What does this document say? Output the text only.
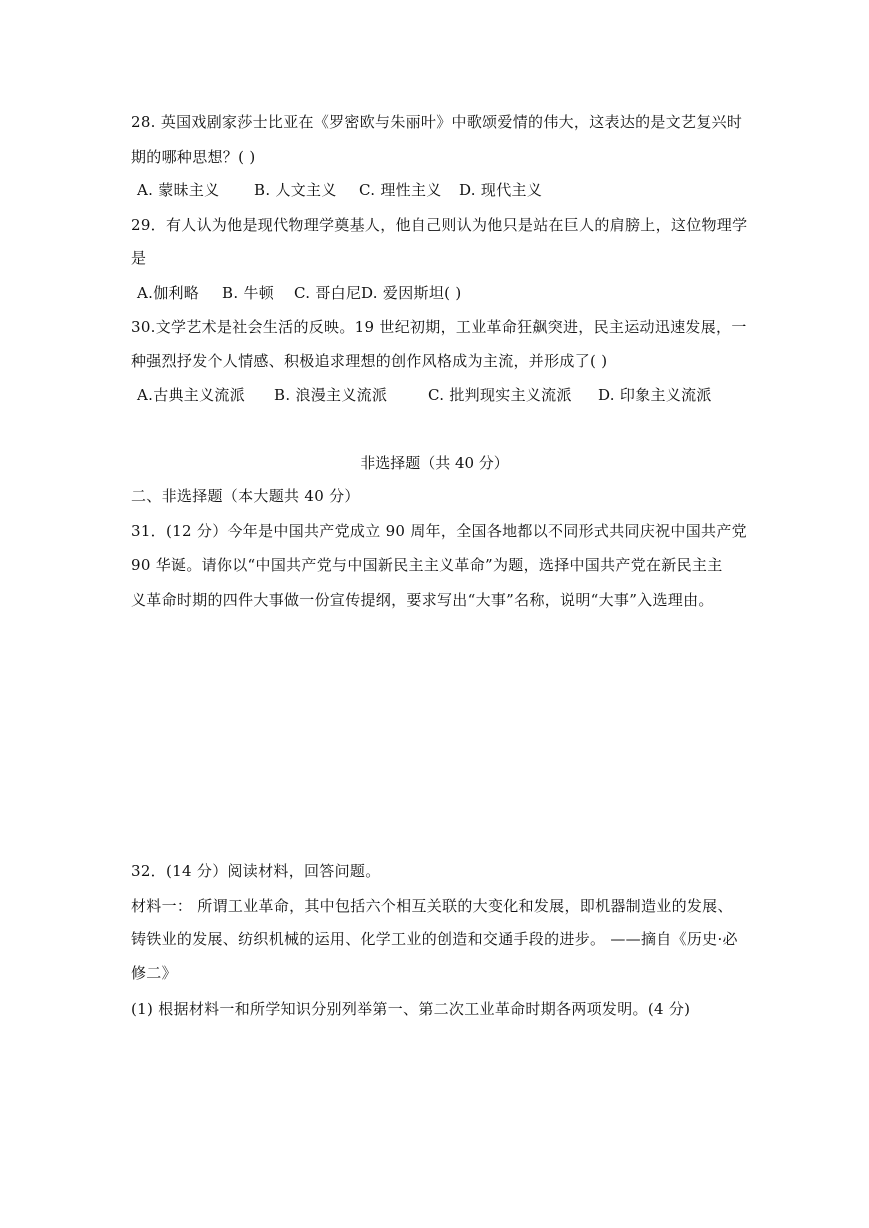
28. 英国戏剧家莎士比亚在《罗密欧与朱丽叶》中歌颂爱情的伟大，这表达的是文艺复兴时
期的哪种思想？( )
A. 蒙昧主义 B. 人文主义 C. 理性主义 D. 现代主义
29．有人认为他是现代物理学奠基人，他自己则认为他只是站在巨人的肩膀上，这位物理学
是
A.伽利略 B. 牛顿 C. 哥白尼D. 爱因斯坦( )
30.文学艺术是社会生活的反映。19 世纪初期，工业革命狂飙突进，民主运动迅速发展，一
种强烈抒发个人情感、积极追求理想的创作风格成为主流，并形成了( )
A.古典主义流派 B. 浪漫主义流派	C. 批判现实主义流派 D. 印象主义流派
非选择题（共 40 分）
二、非选择题（本大题共 40 分）
31．(12 分）今年是中国共产党成立 90 周年，全国各地都以不同形式共同庆祝中国共产党
90 华诞。请你以“中国共产党与中国新民主主义革命”为题，选择中国共产党在新民主主
义革命时期的四件大事做一份宣传提纲，要求写出“大事”名称，说明“大事”入选理由。
32．(14 分）阅读材料，回答问题。
材料一： 所谓工业革命，其中包括六个相互关联的大变化和发展，即机器制造业的发展、
铸铁业的发展、纺织机械的运用、化学工业的创造和交通手段的进步。 ——摘自《历史·必
修二》
(1) 根据材料一和所学知识分别列举第一、第二次工业革命时期各两项发明。(4 分)
